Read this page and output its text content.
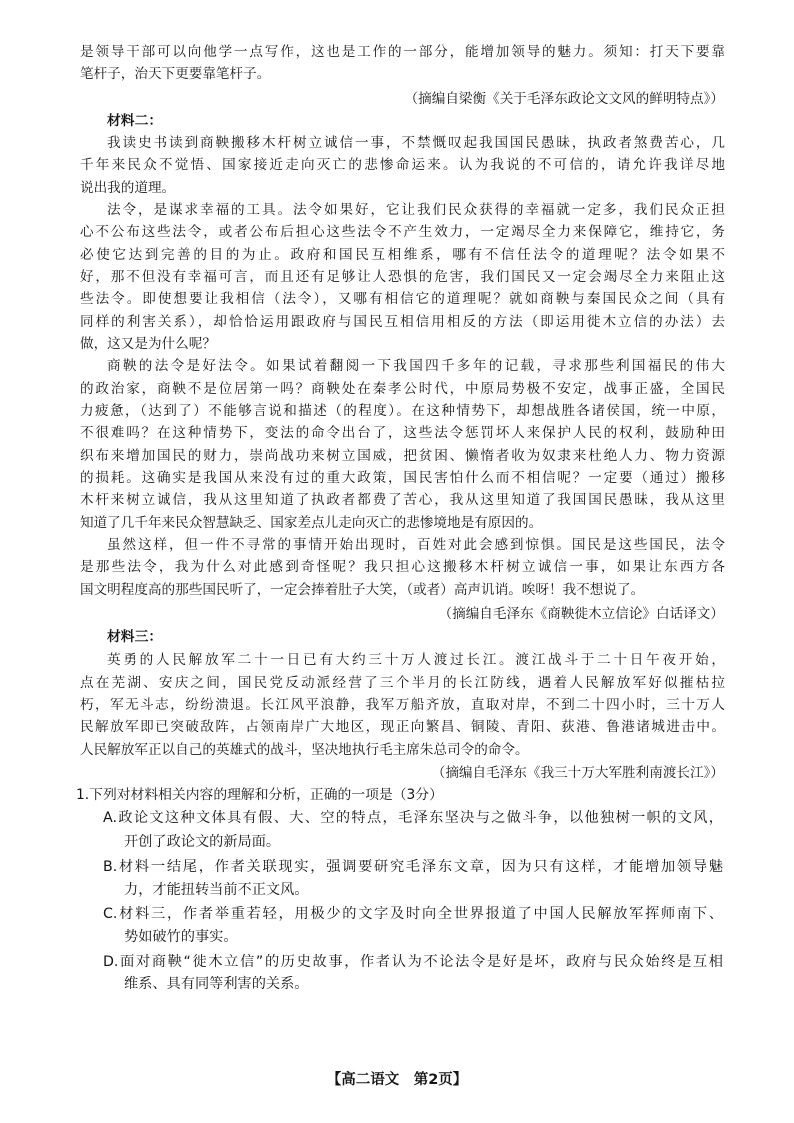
是领导干部可以向他学一点写作，这也是工作的一部分，能增加领导的魅力。须知：打天下要靠
笔杆子，治天下更要靠笔杆子。
（摘编自梁衡《关于毛泽东政论文文风的鲜明特点》）
材料二：
我读史书读到商鞅搬移木杆树立诚信一事，不禁慨叹起我国国民愚昧，执政者煞费苦心，几
千年来民众不觉悟、国家接近走向灭亡的悲惨命运来。认为我说的不可信的，请允许我详尽地
说出我的道理。
法令，是谋求幸福的工具。法令如果好，它让我们民众获得的幸福就一定多，我们民众正担
心不公布这些法令，或者公布后担心这些法令不产生效力，一定竭尽全力来保障它，维持它，务
必使它达到完善的目的为止。政府和国民互相维系，哪有不信任法令的道理呢？法令如果不
好，那不但没有幸福可言，而且还有足够让人恐惧的危害，我们国民又一定会竭尽全力来阻止这
些法令。即使想要让我相信（法令），又哪有相信它的道理呢？就如商鞅与秦国民众之间（具有
同样的利害关系），却恰恰运用跟政府与国民互相信用相反的方法（即运用徙木立信的办法）去
做，这又是为什么呢？
商鞅的法令是好法令。如果试着翻阅一下我国四千多年的记载，寻求那些利国福民的伟大
的政治家，商鞅不是位居第一吗？商鞅处在秦孝公时代，中原局势极不安定，战事正盛，全国民
力疲惫，（达到了）不能够言说和描述（的程度）。在这种情势下，却想战胜各诸侯国，统一中原，
不很难吗？在这种情势下，变法的命令出台了，这些法令惩罚坏人来保护人民的权利，鼓励种田
织布来增加国民的财力，崇尚战功来树立国威，把贫困、懒惰者收为奴隶来杜绝人力、物力资源
的损耗。这确实是我国从来没有过的重大政策，国民害怕什么而不相信呢？一定要（通过）搬移
木杆来树立诚信，我从这里知道了执政者都费了苦心，我从这里知道了我国国民愚昧，我从这里
知道了几千年来民众智慧缺乏、国家差点儿走向灭亡的悲惨境地是有原因的。
虽然这样，但一件不寻常的事情开始出现时，百姓对此会感到惊惧。国民是这些国民，法令
是那些法令，我为什么对此感到奇怪呢？我只担心这搬移木杆树立诚信一事，如果让东西方各
国文明程度高的那些国民听了，一定会捧着肚子大笑，（或者）高声讥诮。唉呀！我不想说了。
（摘编自毛泽东《商鞅徙木立信论》白话译文）
材料三：
英勇的人民解放军二十一日已有大约三十万人渡过长江。渡江战斗于二十日午夜开始，
点在芜湖、安庆之间，国民党反动派经营了三个半月的长江防线，遇着人民解放军好似摧枯拉
朽，军无斗志，纷纷溃退。长江风平浪静，我军万船齐放，直取对岸，不到二十四小时，三十万人
民解放军即已突破敌阵，占领南岸广大地区，现正向繁昌、铜陵、青阳、荻港、鲁港诸城进击中。
人民解放军正以自己的英雄式的战斗，坚决地执行毛主席朱总司令的命令。
（摘编自毛泽东《我三十万大军胜利南渡长江》）
1.下列对材料相关内容的理解和分析，正确的一项是（3分）
A.政论文这种文体具有假、大、空的特点，毛泽东坚决与之做斗争，以他独树一帜的文风，
开创了政论文的新局面。
B.材料一结尾，作者关联现实，强调要研究毛泽东文章，因为只有这样，才能增加领导魅
力，才能扭转当前不正文风。
C.材料三，作者举重若轻，用极少的文字及时向全世界报道了中国人民解放军挥师南下、
势如破竹的事实。
D.面对商鞅“徙木立信”的历史故事，作者认为不论法令是好是坏，政府与民众始终是互相
维系、具有同等利害的关系。
【高二语文　第2页】
